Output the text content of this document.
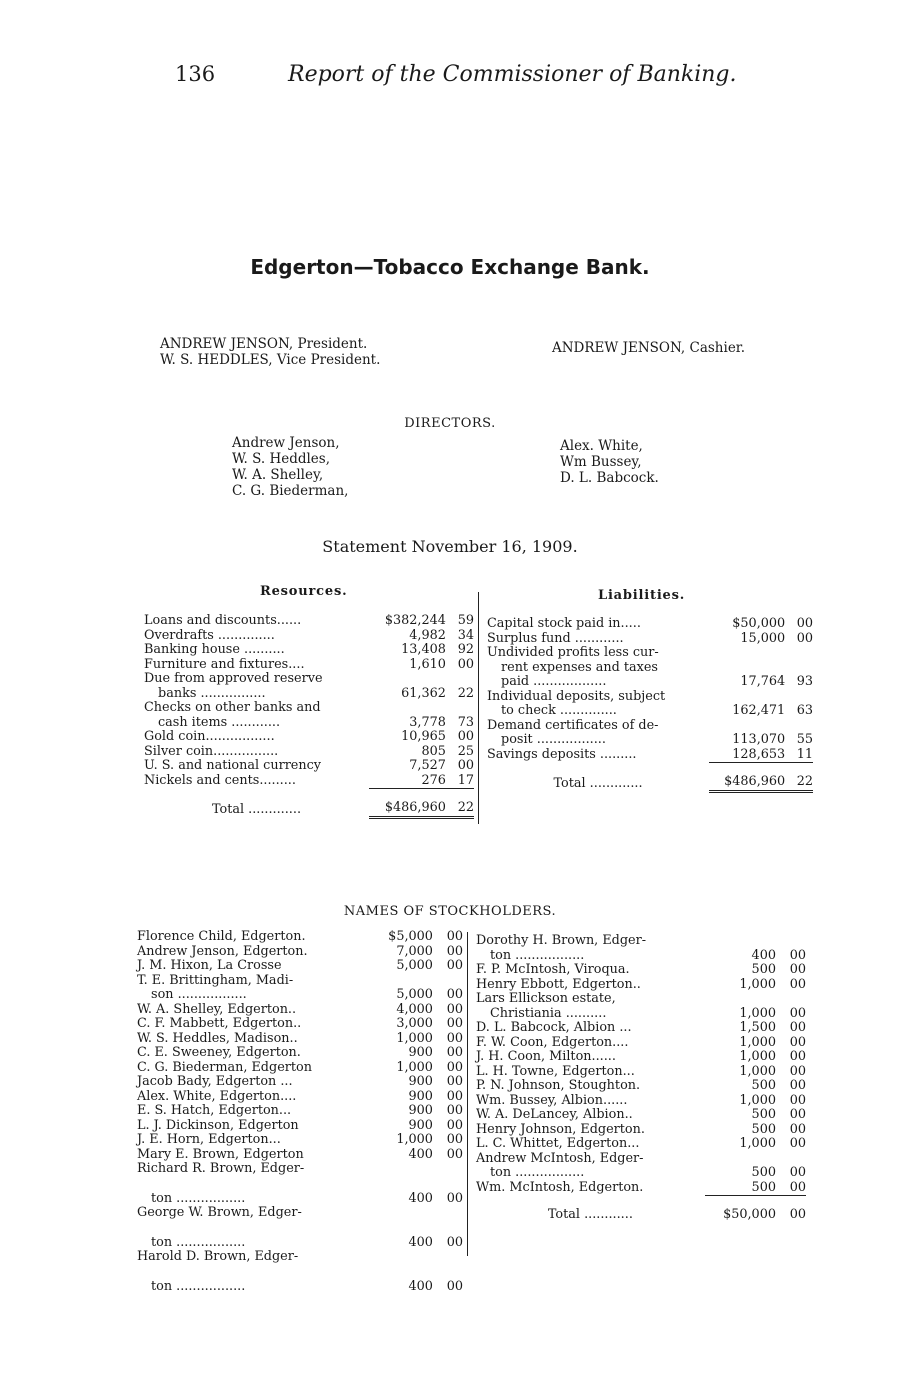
136	Report of the Commissioner of Banking.
Edgerton—Tobacco Exchange Bank.
ANDREW JENSON, President.
W. S. HEDDLES, Vice President.
ANDREW JENSON, Cashier.
DIRECTORS.
Andrew Jenson,
W. S. Heddles,
W. A. Shelley,
C. G. Biederman,
Alex. White,
Wm Bussey,
D. L. Babcock.
Statement November 16, 1909.
Resources.	Liabilities.
Loans and discounts......	$382,244	59
Overdrafts ..............	4,982	34
Banking house ..........	13,408	92
Furniture and fixtures....	1,610	00
Due from approved reserve		
banks ................	61,362	22
Checks on other banks and		
cash items ............	3,778	73
Gold coin.................	10,965	00
Silver coin................	805	25
U. S. and national currency	7,527	00
Nickels and cents.........	276	17
Total .............	$486,960	22
Capital stock paid in.....	$50,000	00
Surplus fund ............	15,000	00
Undivided profits less cur-		
rent expenses and taxes		
paid ..................	17,764	93
Individual deposits, subject		
to check ..............	162,471	63
Demand certificates of de-		
posit .................	113,070	55
Savings deposits .........	128,653	11
Total .............	$486,960	22
NAMES OF STOCKHOLDERS.
Florence Child, Edgerton.	$5,000	00
Andrew Jenson, Edgerton.	7,000	00
J. M. Hixon, La Crosse	5,000	00
T. E. Brittingham, Madi-		
son .................	5,000	00
W. A. Shelley, Edgerton..	4,000	00
C. F. Mabbett, Edgerton..	3,000	00
W. S. Heddles, Madison..	1,000	00
C. E. Sweeney, Edgerton.	900	00
C. G. Biederman, Edgerton	1,000	00
Jacob Bady, Edgerton ...	900	00
Alex. White, Edgerton....	900	00
E. S. Hatch, Edgerton...	900	00
L. J. Dickinson, Edgerton	900	00
J. E. Horn, Edgerton...	1,000	00
Mary E. Brown, Edgerton	400	00
Richard R. Brown, Edger-		
ton .................	400	00
George W. Brown, Edger-		
ton .................	400	00
Harold D. Brown, Edger-		
ton .................	400	00
Dorothy H. Brown, Edger-		
ton .................	400	00
F. P. McIntosh, Viroqua.	500	00
Henry Ebbott, Edgerton..	1,000	00
Lars Ellickson estate,		
Christiania ..........	1,000	00
D. L. Babcock, Albion ...	1,500	00
F. W. Coon, Edgerton....	1,000	00
J. H. Coon, Milton......	1,000	00
L. H. Towne, Edgerton...	1,000	00
P. N. Johnson, Stoughton.	500	00
Wm. Bussey, Albion......	1,000	00
W. A. DeLancey, Albion..	500	00
Henry Johnson, Edgerton.	500	00
L. C. Whittet, Edgerton...	1,000	00
Andrew McIntosh, Edger-		
ton .................	500	00
Wm. McIntosh, Edgerton.	500	00
Total ............	$50,000	00
